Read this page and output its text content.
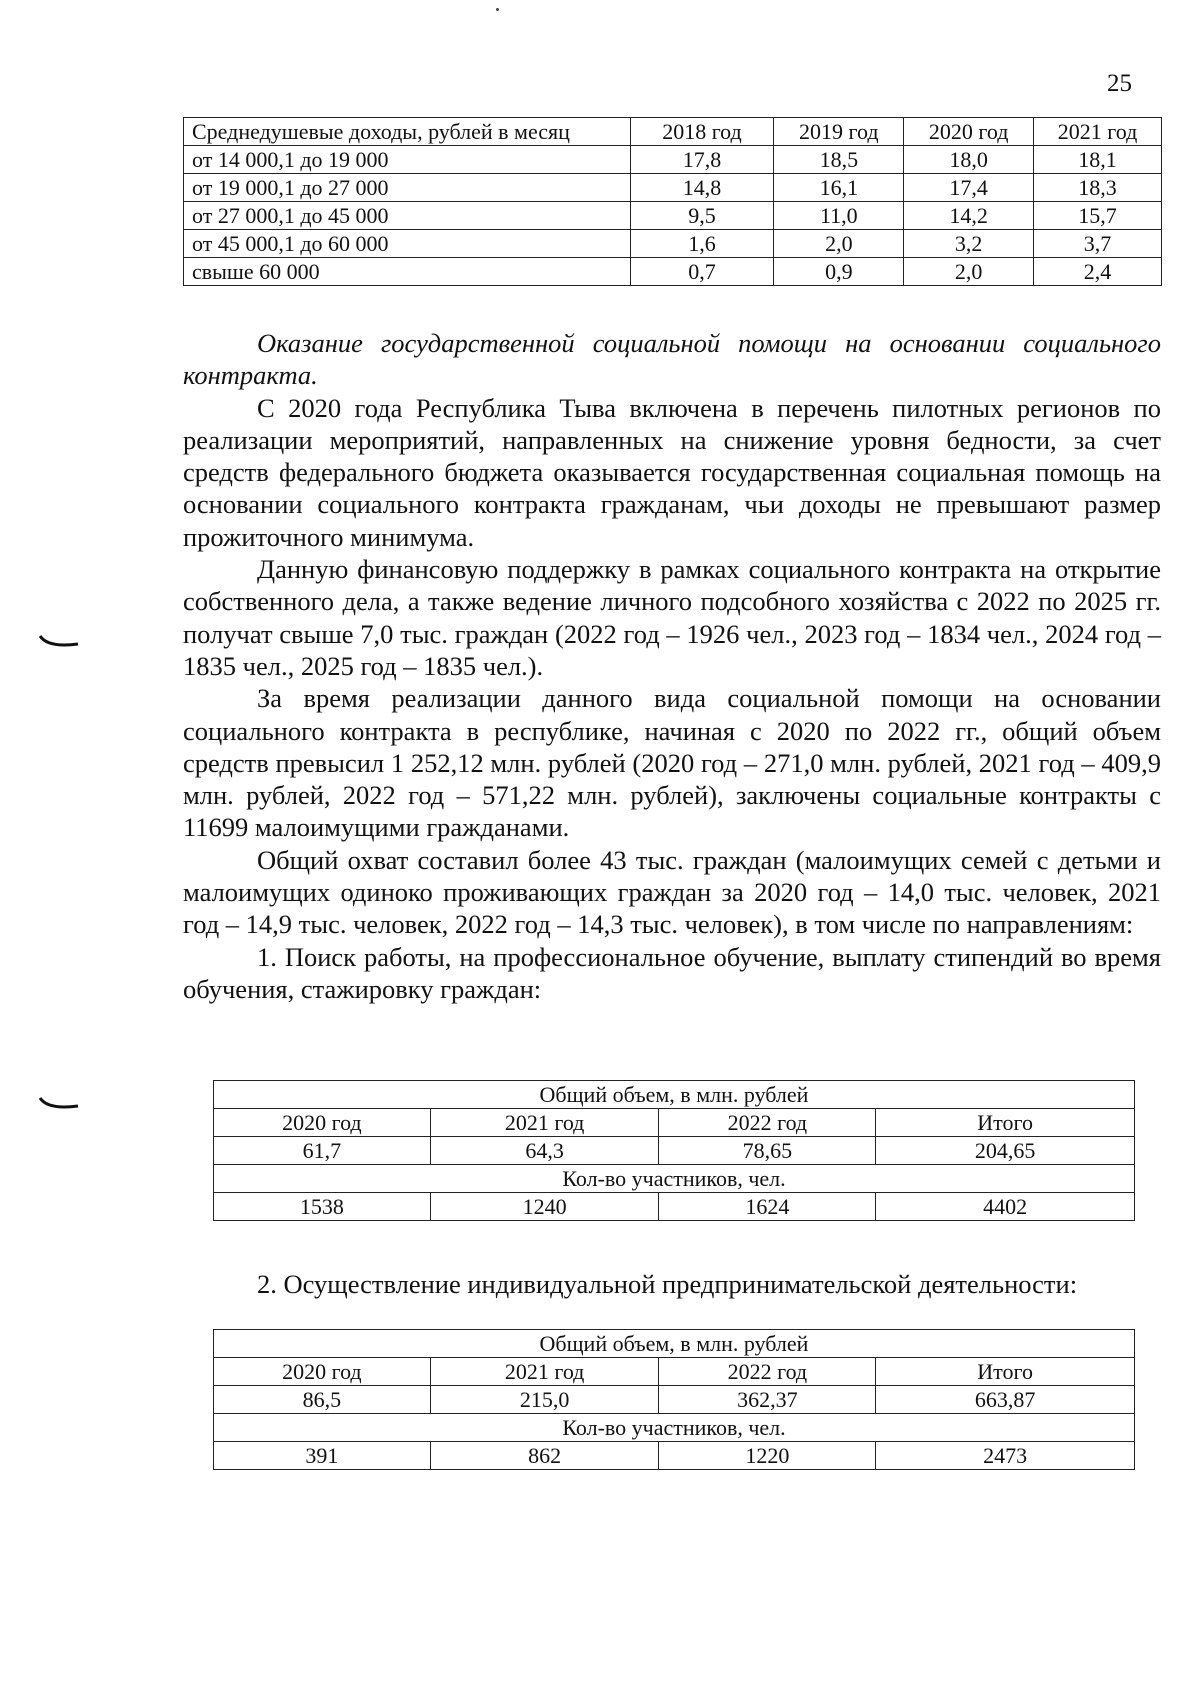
25
Среднедушевые доходы, рублей в месяц	2018 год	2019 год	2020 год	2021 год
от 14 000,1 до 19 000	17,8	18,5	18,0	18,1
от 19 000,1 до 27 000	14,8	16,1	17,4	18,3
от 27 000,1 до 45 000	9,5	11,0	14,2	15,7
от 45 000,1 до 60 000	1,6	2,0	3,2	3,7
свыше 60 000	0,7	0,9	2,0	2,4

Оказание государственной социальной помощи на основании социального контракта.

С 2020 года Республика Тыва включена в перечень пилотных регионов по реализации мероприятий, направленных на снижение уровня бедности, за счет средств федерального бюджета оказывается государственная социальная помощь на основании социального контракта гражданам, чьи доходы не превышают размер прожиточного минимума.

Данную финансовую поддержку в рамках социального контракта на открытие собственного дела, а также ведение личного подсобного хозяйства с 2022 по 2025 гг. получат свыше 7,0 тыс. граждан (2022 год – 1926 чел., 2023 год – 1834 чел., 2024 год – 1835 чел., 2025 год – 1835 чел.).

За время реализации данного вида социальной помощи на основании социального контракта в республике, начиная с 2020 по 2022 гг., общий объем средств превысил 1 252,12 млн. рублей (2020 год – 271,0 млн. рублей, 2021 год – 409,9 млн. рублей, 2022 год – 571,22 млн. рублей), заключены социальные контракты с 11699 малоимущими гражданами.

Общий охват составил более 43 тыс. граждан (малоимущих семей с детьми и малоимущих одиноко проживающих граждан за 2020 год – 14,0 тыс. человек, 2021 год – 14,9 тыс. человек, 2022 год – 14,3 тыс. человек), в том числе по направлениям:

1. Поиск работы, на профессиональное обучение, выплату стипендий во время обучения, стажировку граждан:

Общий объем, в млн. рублей			
2020 год	2021 год	2022 год	Итого
61,7	64,3	78,65	204,65
Кол-во участников, чел.			
1538	1240	1624	4402
2. Осуществление индивидуальной предпринимательской деятельности:
Общий объем, в млн. рублей			
2020 год	2021 год	2022 год	Итого
86,5	215,0	362,37	663,87
Кол-во участников, чел.			
391	862	1220	2473
